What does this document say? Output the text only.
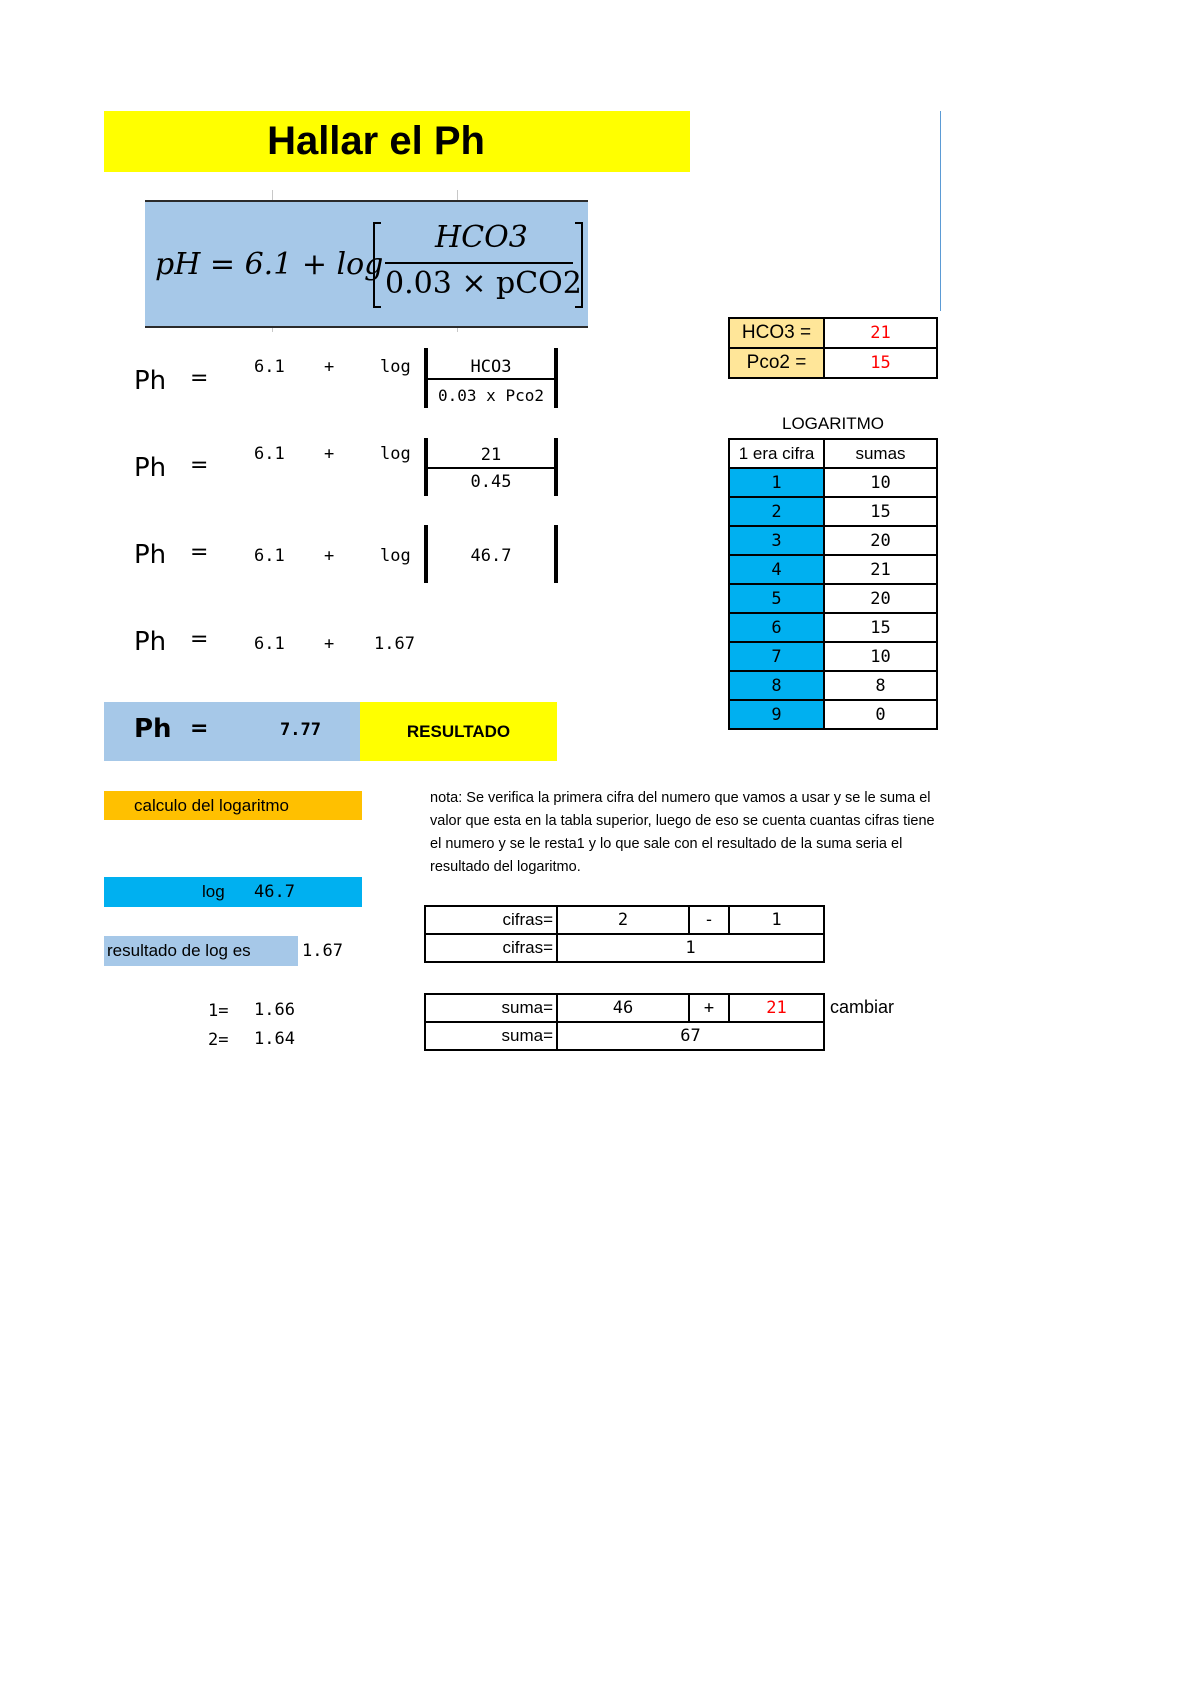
Hallar el Ph
pH = 6.1 + log
HCO3
0.03 × pCO2
Ph =	6.1 +	log	HCO3
0.03 x Pco2
Ph =	6.1 +	log	21
0.45
Ph =	6.1 +	log	46.7
Ph =	6.1 + 1.67
Ph =	7.77	RESULTADO
HCO3 =	21
Pco2 =	15
LOGARITMO
1 era cifra	sumas
1	10
2	15
3	20
4	21
5	20
6	15
7	10
8	8
9	0
calculo del logaritmo
log 46.7
resultado de log es	1.67
1= 1.66
2= 1.64
nota: Se verifica la primera cifra del numero que vamos a usar y se le suma el valor que esta en la tabla superior, luego de eso se cuenta cuantas cifras tiene el numero y se le resta1 y lo que sale con el resultado de la suma seria el resultado del logaritmo.
cifras=	2	-	1
cifras=	1
suma=	46	+	21	cambiar
suma=	67
